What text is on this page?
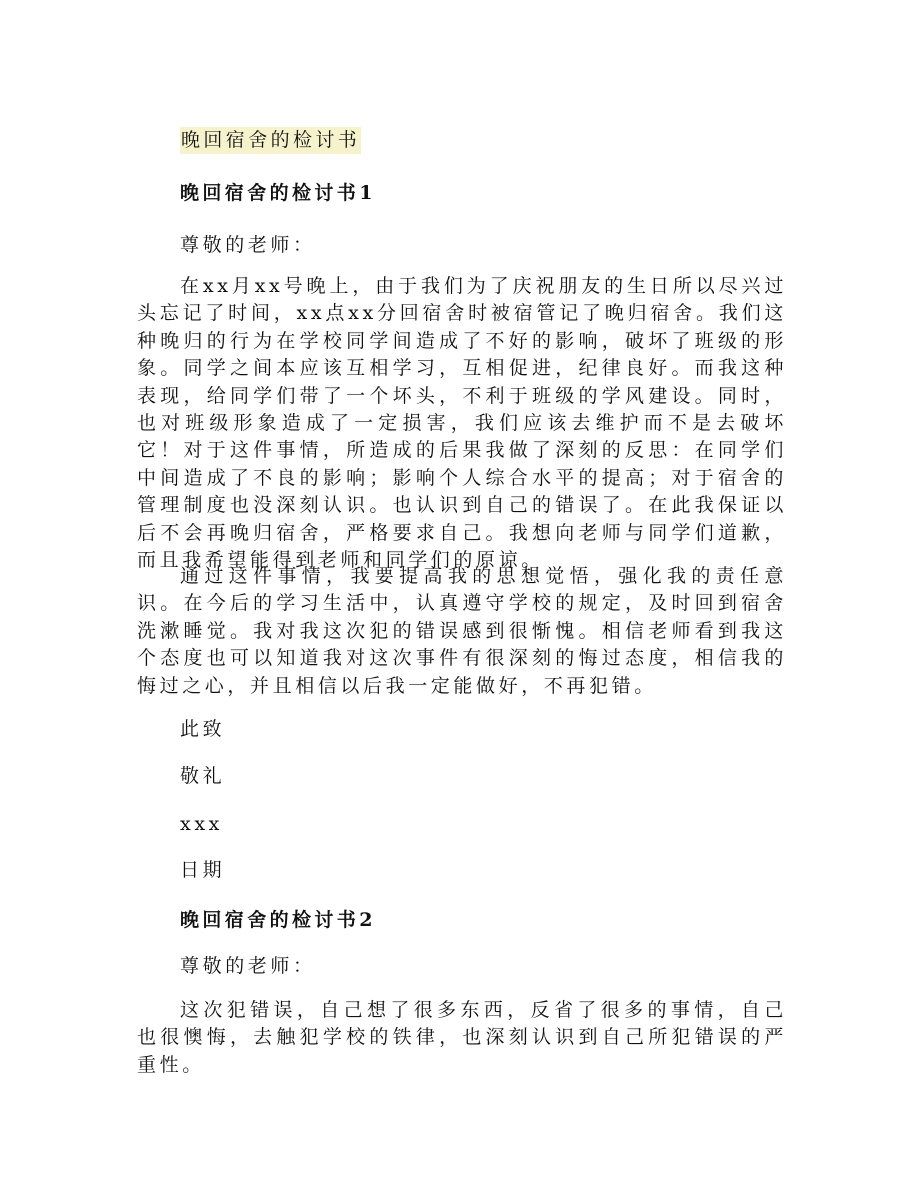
晚回宿舍的检讨书
晚回宿舍的检讨书1
尊敬的老师：
在xx月xx号晚上，由于我们为了庆祝朋友的生日所以尽兴过头忘记了时间，xx点xx分回宿舍时被宿管记了晚归宿舍。我们这种晚归的行为在学校同学间造成了不好的影响，破坏了班级的形象。同学之间本应该互相学习，互相促进，纪律良好。而我这种表现，给同学们带了一个坏头，不利于班级的学风建设。同时，也对班级形象造成了一定损害，我们应该去维护而不是去破坏它！对于这件事情，所造成的后果我做了深刻的反思：在同学们中间造成了不良的影响；影响个人综合水平的提高；对于宿舍的管理制度也没深刻认识。也认识到自己的错误了。在此我保证以后不会再晚归宿舍，严格要求自己。我想向老师与同学们道歉，而且我希望能得到老师和同学们的原谅。
通过这件事情，我要提高我的思想觉悟，强化我的责任意识。在今后的学习生活中，认真遵守学校的规定，及时回到宿舍洗漱睡觉。我对我这次犯的错误感到很惭愧。相信老师看到我这个态度也可以知道我对这次事件有很深刻的悔过态度，相信我的悔过之心，并且相信以后我一定能做好，不再犯错。
此致
敬礼
xxx
日期
晚回宿舍的检讨书2
尊敬的老师：
这次犯错误，自己想了很多东西，反省了很多的事情，自己也很懊悔，去触犯学校的铁律，也深刻认识到自己所犯错误的严重性。
